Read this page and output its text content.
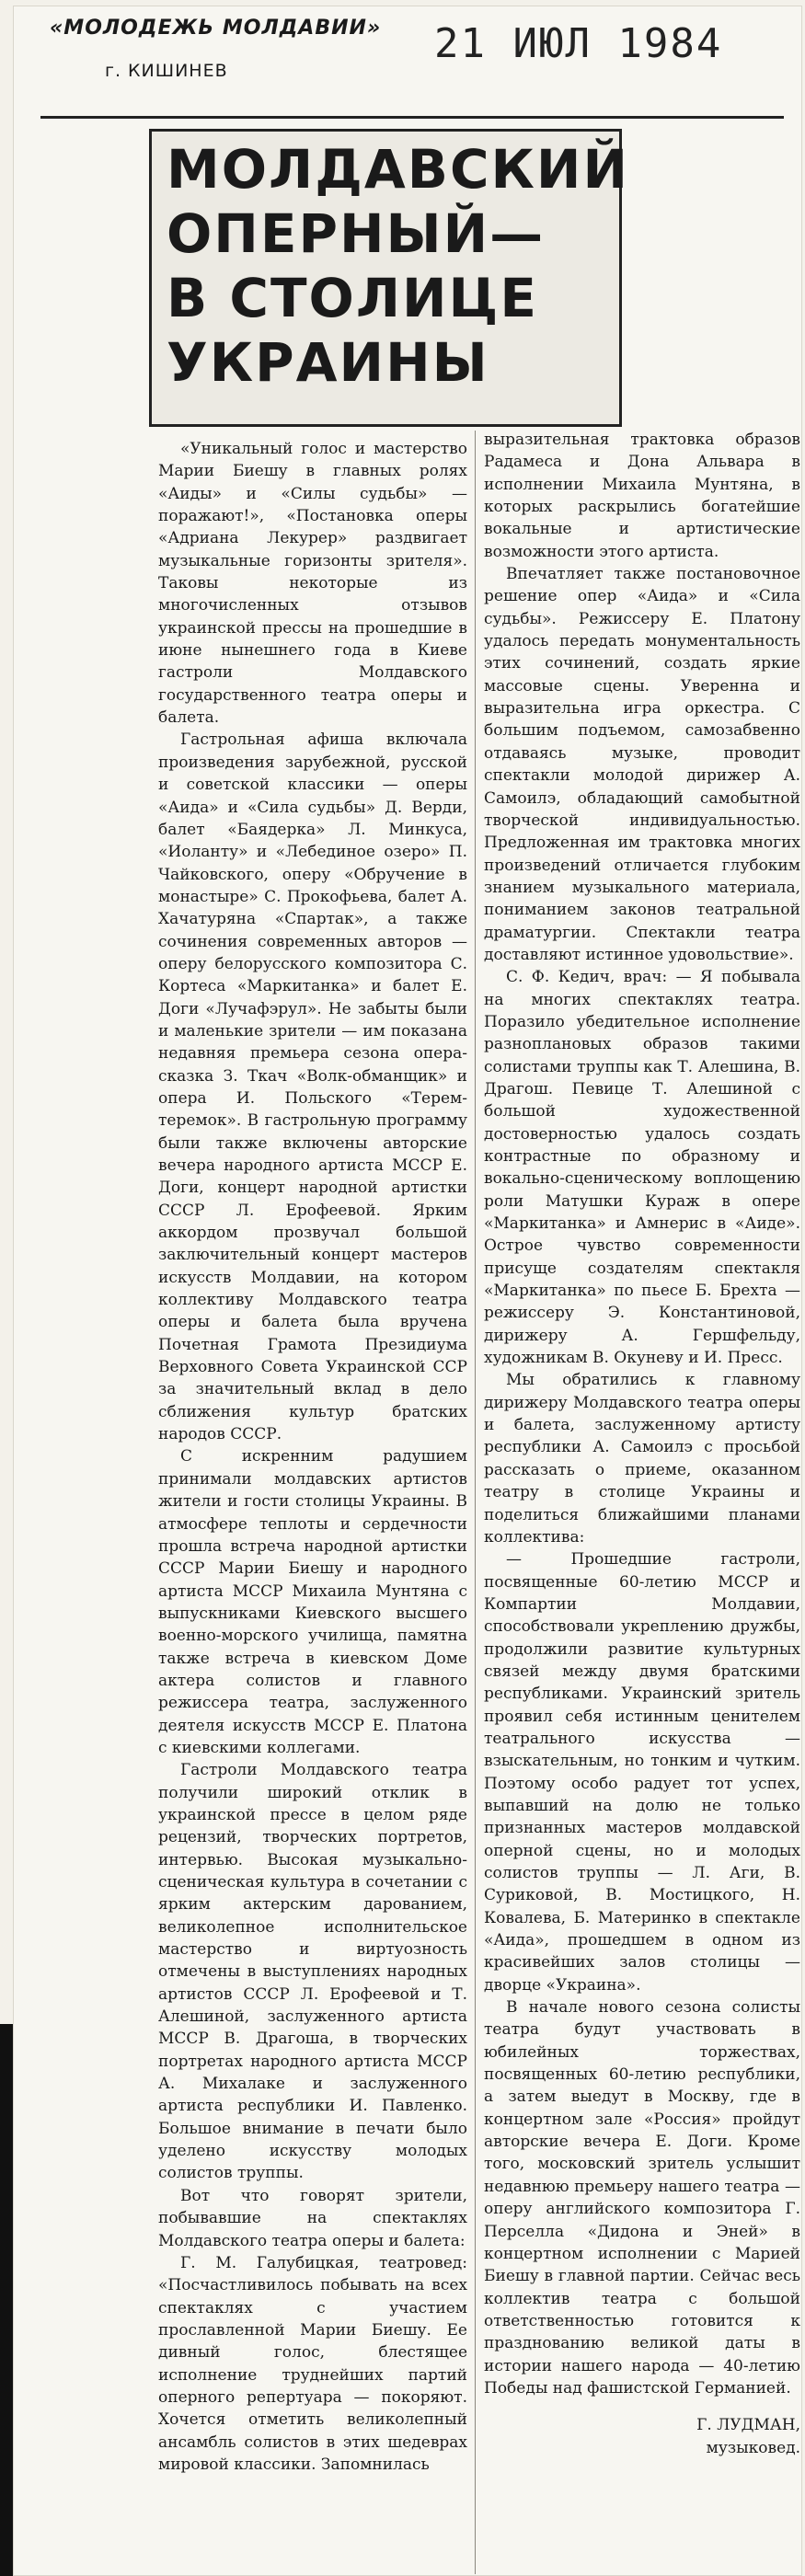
«МОЛОДЕЖЬ МОЛДАВИИ»
г. КИШИНЕВ
21 ИЮЛ 1984
МОЛДАВСКИЙ
ОПЕРНЫЙ—
В СТОЛИЦЕ
УКРАИНЫ

«Уникальный голос и мастерство Марии Биешу в главных ролях «Аиды» и «Силы судьбы» — поражают!», «Постановка оперы «Адриана Лекурер» раздвигает музыкальные горизонты зрителя». Таковы некоторые из многочисленных отзывов украинской прессы на прошедшие в июне нынешнего года в Киеве гастроли Молдавского государственного театра оперы и балета.

Гастрольная афиша включала произведения зарубежной, русской и советской классики — оперы «Аида» и «Сила судьбы» Д. Верди, балет «Баядерка» Л. Минкуса, «Иоланту» и «Лебединое озеро» П. Чайковского, оперу «Обручение в монастыре» С. Прокофьева, балет А. Хачатуряна «Спартак», а также сочинения современных авторов — оперу белорусского композитора С. Кортеса «Маркитанка» и балет Е. Доги «Лучафэрул». Не забыты были и маленькие зрители — им показана недавняя премьера сезона опера-сказка З. Ткач «Волк-обманщик» и опера И. Польского «Терем-теремок». В гастрольную программу были также включены авторские вечера народного артиста МССР Е. Доги, концерт народной артистки СССР Л. Ерофеевой. Ярким аккордом прозвучал большой заключительный концерт мастеров искусств Молдавии, на котором коллективу Молдавского театра оперы и балета была вручена Почетная Грамота Президиума Верховного Совета Украинской ССР за значительный вклад в дело сближения культур братских народов СССР.

С искренним радушием принимали молдавских артистов жители и гости столицы Украины. В атмосфере теплоты и сердечности прошла встреча народной артистки СССР Марии Биешу и народного артиста МССР Михаила Мунтяна с выпускниками Киевского высшего военно-морского училища, памятна также встреча в киевском Доме актера солистов и главного режиссера театра, заслуженного деятеля искусств МССР Е. Платона с киевскими коллегами.

Гастроли Молдавского театра получили широкий отклик в украинской прессе в целом ряде рецензий, творческих портретов, интервью. Высокая музыкально-сценическая культура в сочетании с ярким актерским дарованием, великолепное исполнительское мастерство и виртуозность отмечены в выступлениях народных артистов СССР Л. Ерофеевой и Т. Алешиной, заслуженного артиста МССР В. Драгоша, в творческих портретах народного артиста МССР А. Михалаке и заслуженного артиста республики И. Павленко. Большое внимание в печати было уделено искусству молодых солистов труппы.

Вот что говорят зрители, побывавшие на спектаклях Молдавского театра оперы и балета:

Г. М. Галубицкая, театровед: «Посчастливилось побывать на всех спектаклях с участием прославленной Марии Биешу. Ее дивный голос, блестящее исполнение труднейших партий оперного репертуара — покоряют. Хочется отметить великолепный ансамбль солистов в этих шедеврах мировой классики. Запомнилась

выразительная трактовка образов Радамеса и Дона Альвара в исполнении Михаила Мунтяна, в которых раскрылись богатейшие вокальные и артистические возможности этого артиста.

Впечатляет также постановочное решение опер «Аида» и «Сила судьбы». Режиссеру Е. Платону удалось передать монументальность этих сочинений, создать яркие массовые сцены. Уверенна и выразительна игра оркестра. С большим подъемом, самозабвенно отдаваясь музыке, проводит спектакли молодой дирижер А. Самоилэ, обладающий самобытной творческой индивидуальностью. Предложенная им трактовка многих произведений отличается глубоким знанием музыкального материала, пониманием законов театральной драматургии. Спектакли театра доставляют истинное удовольствие».

С. Ф. Кедич, врач: — Я побывала на многих спектаклях театра. Поразило убедительное исполнение разноплановых образов такими солистами труппы как Т. Алешина, В. Драгош. Певице Т. Алешиной с большой художественной достоверностью удалось создать контрастные по образному и вокально-сценическому воплощению роли Матушки Кураж в опере «Маркитанка» и Амнерис в «Аиде». Острое чувство современности присуще создателям спектакля «Маркитанка» по пьесе Б. Брехта — режиссеру Э. Константиновой, дирижеру А. Гершфельду, художникам В. Окуневу и И. Пресс.

Мы обратились к главному дирижеру Молдавского театра оперы и балета, заслуженному артисту республики А. Самоилэ с просьбой рассказать о приеме, оказанном театру в столице Украины и поделиться ближайшими планами коллектива:

— Прошедшие гастроли, посвященные 60-летию МССР и Компартии Молдавии, способствовали укреплению дружбы, продолжили развитие культурных связей между двумя братскими республиками. Украинский зритель проявил себя истинным ценителем театрального искусства — взыскательным, но тонким и чутким. Поэтому особо радует тот успех, выпавший на долю не только признанных мастеров молдавской оперной сцены, но и молодых солистов труппы — Л. Аги, В. Суриковой, В. Мостицкого, Н. Ковалева, Б. Материнко в спектакле «Аида», прошедшем в одном из красивейших залов столицы — дворце «Украина».

В начале нового сезона солисты театра будут участвовать в юбилейных торжествах, посвященных 60-летию республики, а затем выедут в Москву, где в концертном зале «Россия» пройдут авторские вечера Е. Доги. Кроме того, московский зритель услышит недавнюю премьеру нашего театра — оперу английского композитора Г. Перселла «Дидона и Эней» в концертном исполнении с Марией Биешу в главной партии. Сейчас весь коллектив театра с большой ответственностью готовится к празднованию великой даты в истории нашего народа — 40-летию Победы над фашистской Германией.

Г. ЛУДМАН,
музыковед.
